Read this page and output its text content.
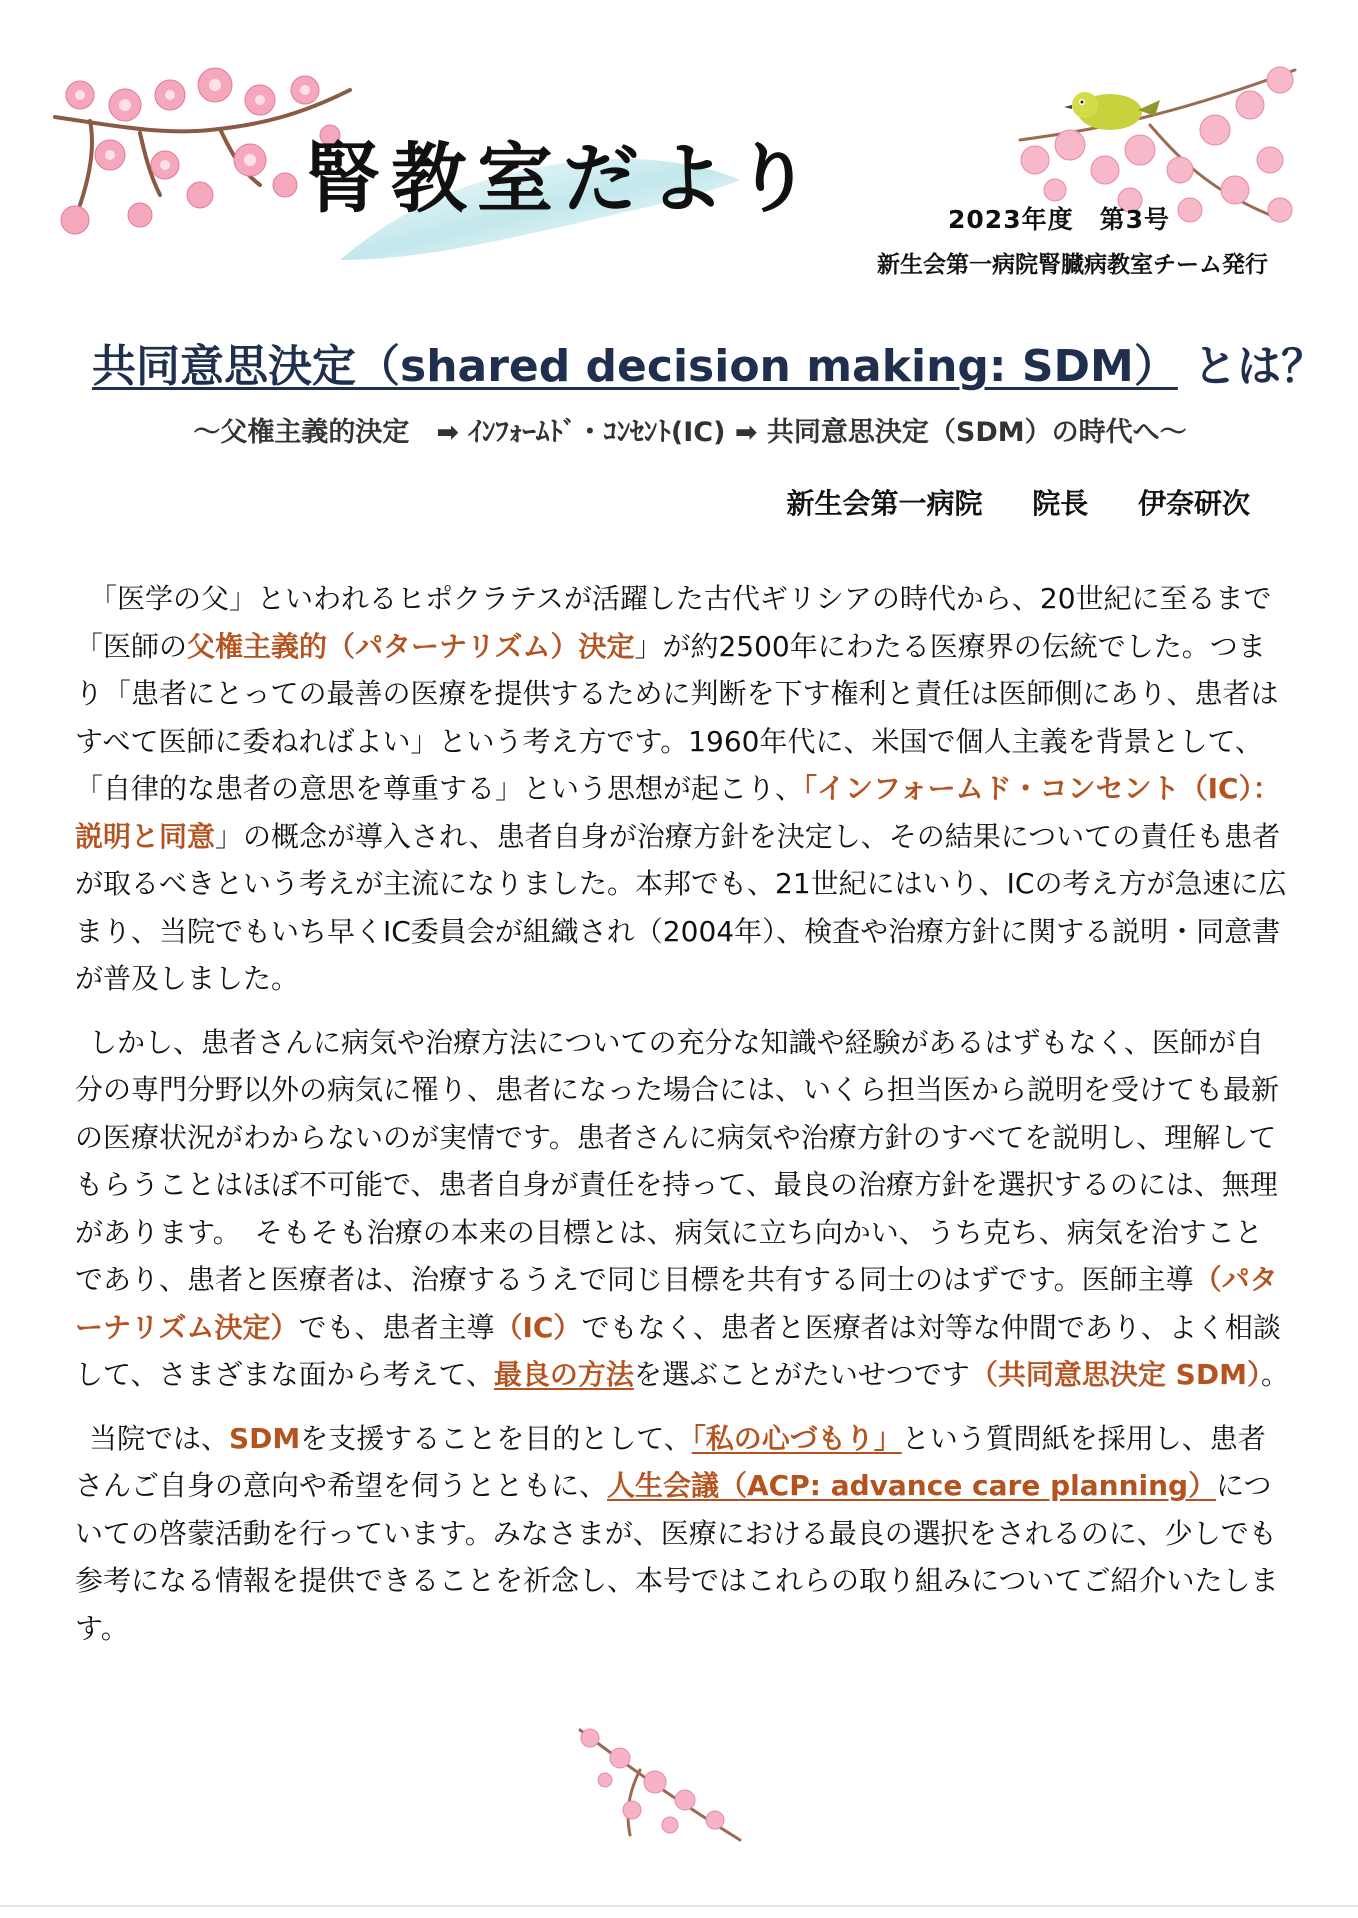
腎教室だより	2023年度　第3号
新生会第一病院腎臓病教室チーム発行
共同意思決定（shared decision making: SDM） とは？
～父権主義的決定　➡ ｲﾝﾌｫｰﾑﾄﾞ・ｺﾝｾﾝﾄ(IC) ➡ 共同意思決定（SDM）の時代へ～
新生会第一病院 院長 伊奈研次

「医学の父」といわれるヒポクラテスが活躍した古代ギリシアの時代から、20世紀に至るまで「医師の父権主義的（パターナリズム）決定」が約2500年にわたる医療界の伝統でした。つまり「患者にとっての最善の医療を提供するために判断を下す権利と責任は医師側にあり、患者はすべて医師に委ねればよい」という考え方です。1960年代に、米国で個人主義を背景として、「自律的な患者の意思を尊重する」という思想が起こり、「インフォームド・コンセント（IC）：説明と同意」の概念が導入され、患者自身が治療方針を決定し、その結果についての責任も患者が取るべきという考えが主流になりました。本邦でも、21世紀にはいり、ICの考え方が急速に広まり、当院でもいち早くIC委員会が組織され（2004年）、検査や治療方針に関する説明・同意書が普及しました。

しかし、患者さんに病気や治療方法についての充分な知識や経験があるはずもなく、医師が自分の専門分野以外の病気に罹り、患者になった場合には、いくら担当医から説明を受けても最新の医療状況がわからないのが実情です。患者さんに病気や治療方針のすべてを説明し、理解してもらうことはほぼ不可能で、患者自身が責任を持って、最良の治療方針を選択するのには、無理があります。　そもそも治療の本来の目標とは、病気に立ち向かい、うち克ち、病気を治すことであり、患者と医療者は、治療するうえで同じ目標を共有する同士のはずです。医師主導（パターナリズム決定）でも、患者主導（IC）でもなく、患者と医療者は対等な仲間であり、よく相談して、さまざまな面から考えて、最良の方法を選ぶことがたいせつです（共同意思決定 SDM）。

当院では、SDMを支援することを目的として、「私の心づもり」という質問紙を採用し、患者さんご自身の意向や希望を伺うとともに、人生会議（ACP: advance care planning）についての啓蒙活動を行っています。みなさまが、医療における最良の選択をされるのに、少しでも参考になる情報を提供できることを祈念し、本号ではこれらの取り組みについてご紹介いたします。
